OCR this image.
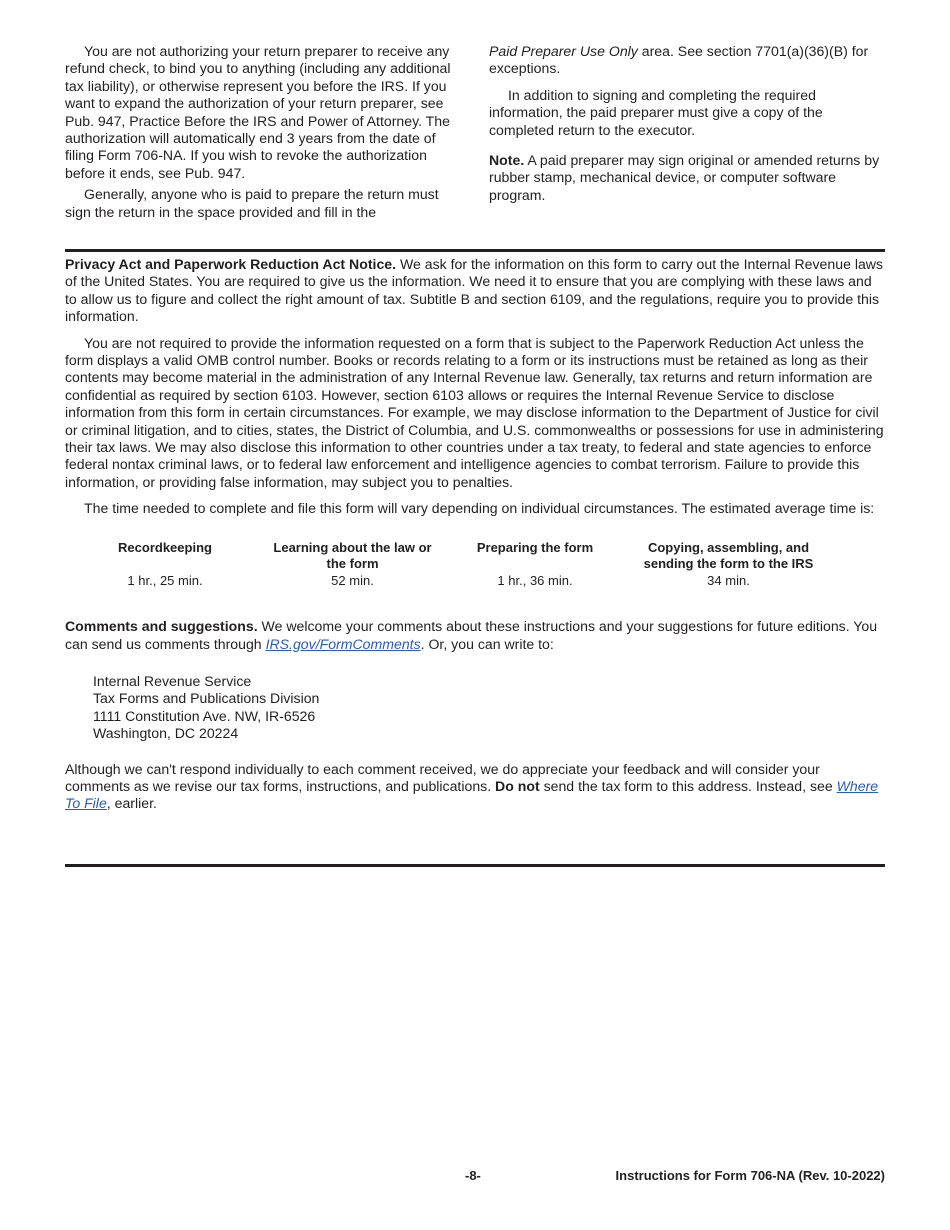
You are not authorizing your return preparer to receive any refund check, to bind you to anything (including any additional tax liability), or otherwise represent you before the IRS. If you want to expand the authorization of your return preparer, see Pub. 947, Practice Before the IRS and Power of Attorney. The authorization will automatically end 3 years from the date of filing Form 706-NA. If you wish to revoke the authorization before it ends, see Pub. 947.

Generally, anyone who is paid to prepare the return must sign the return in the space provided and fill in the

Paid Preparer Use Only area. See section 7701(a)(36)(B) for exceptions.

In addition to signing and completing the required information, the paid preparer must give a copy of the completed return to the executor.

Note. A paid preparer may sign original or amended returns by rubber stamp, mechanical device, or computer software program.

Privacy Act and Paperwork Reduction Act Notice. We ask for the information on this form to carry out the Internal Revenue laws of the United States. You are required to give us the information. We need it to ensure that you are complying with these laws and to allow us to figure and collect the right amount of tax. Subtitle B and section 6109, and the regulations, require you to provide this information.

You are not required to provide the information requested on a form that is subject to the Paperwork Reduction Act unless the form displays a valid OMB control number. Books or records relating to a form or its instructions must be retained as long as their contents may become material in the administration of any Internal Revenue law. Generally, tax returns and return information are confidential as required by section 6103. However, section 6103 allows or requires the Internal Revenue Service to disclose information from this form in certain circumstances. For example, we may disclose information to the Department of Justice for civil or criminal litigation, and to cities, states, the District of Columbia, and U.S. commonwealths or possessions for use in administering their tax laws. We may also disclose this information to other countries under a tax treaty, to federal and state agencies to enforce federal nontax criminal laws, or to federal law enforcement and intelligence agencies to combat terrorism. Failure to provide this information, or providing false information, may subject you to penalties.

The time needed to complete and file this form will vary depending on individual circumstances. The estimated average time is:

Recordkeeping	Learning about the law or the form	Preparing the form	Copying, assembling, and sending the form to the IRS
1 hr., 25 min.	52 min.	1 hr., 36 min.	34 min.

Comments and suggestions. We welcome your comments about these instructions and your suggestions for future editions. You can send us comments through IRS.gov/FormComments. Or, you can write to:

Internal Revenue Service
Tax Forms and Publications Division
1111 Constitution Ave. NW, IR-6526
Washington, DC 20224

Although we can't respond individually to each comment received, we do appreciate your feedback and will consider your comments as we revise our tax forms, instructions, and publications. Do not send the tax form to this address. Instead, see Where To File, earlier.

-8-	Instructions for Form 706-NA (Rev. 10-2022)
